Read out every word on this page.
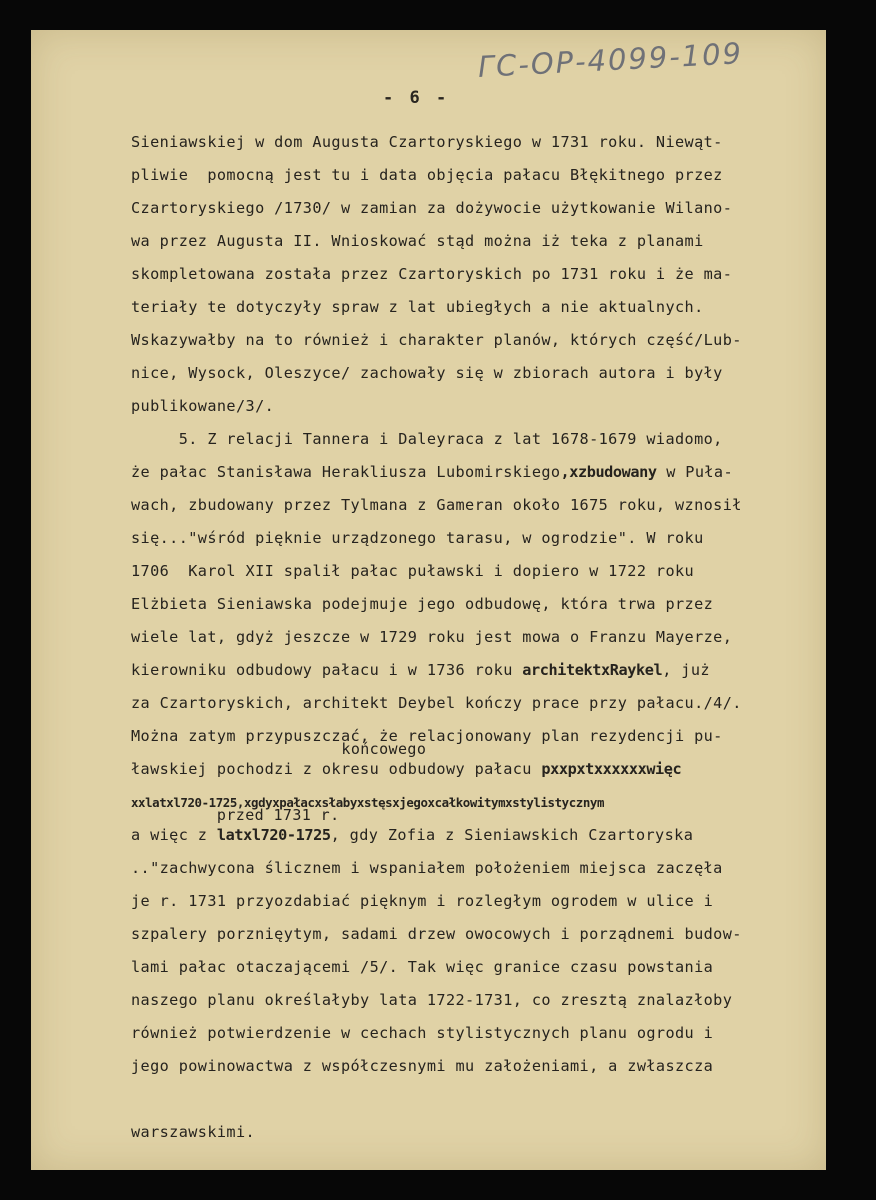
- 6 -
ГС-ОР-4099-109
Sieniawskiej w dom Augusta Czartoryskiego w 1731 roku. Niewąt-
pliwie  pomocną jest tu i data objęcia pałacu Błękitnego przez
Czartoryskiego /1730/ w zamian za dożywocie użytkowanie Wilano-
wa przez Augusta II. Wnioskować stąd można iż teka z planami
skompletowana została przez Czartoryskich po 1731 roku i że ma-
teriały te dotyczyły spraw z lat ubiegłych a nie aktualnych.
Wskazywałby na to również i charakter planów, których część/Lub-
nice, Wysock, Oleszyce/ zachowały się w zbiorach autora i były
publikowane/3/.
5. Z relacji Tannera i Daleyraca z lat 1678-1679 wiadomo,
że pałac Stanisława Herakliusza Lubomirskiego,xzbudowany w Puła-
wach, zbudowany przez Tylmana z Gameran około 1675 roku, wznosił
się..."wśród pięknie urządzonego tarasu, w ogrodzie". W roku
1706  Karol XII spalił pałac puławski i dopiero w 1722 roku
Elżbieta Sieniawska podejmuje jego odbudowę, która trwa przez
wiele lat, gdyż jeszcze w 1729 roku jest mowa o Franzu Mayerze,
kierowniku odbudowy pałacu i w 1736 roku architektxRaykel, już
za Czartoryskich, architekt Deybel kończy prace przy pałacu./4/.
Można zatym przypuszczać, że relacjonowany plan rezydencji pu-
ławskiej pochodzi z okresu odbudowy pałacu
końcowego
pxxpxtxxxxxxwięc
xxlatxl720-1725,xgdyxpałacxsłabyxstęsxjegoxcałkowitymxstylistycznym
a więc z
przed 1731 r.
latxl720-1725, gdy Zofia z Sieniawskich Czartoryska
.."zachwycona ślicznem i wspaniałem położeniem miejsca zaczęła
je r. 1731 przyozdabiać pięknym i rozległym ogrodem w ulice i
szpalery porznięytym, sadami drzew owocowych i porządnemi budow-
lami pałac otaczającemi /5/. Tak więc granice czasu powstania
naszego planu określałyby lata 1722-1731, co zresztą znalazłoby
również potwierdzenie w cechach stylistycznych planu ogrodu i
jego powinowactwa z współczesnymi mu założeniami, a zwłaszcza
warszawskimi.
